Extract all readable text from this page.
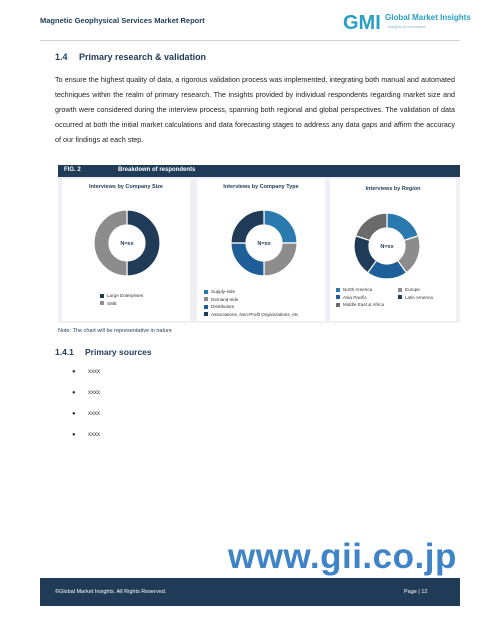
Magnetic Geophysical Services Market Report	GMI Global Market Insights
Insights to Innovation
1.4 Primary research & validation
To ensure the highest quality of data, a rigorous validation process was implemented, integrating both manual and automated techniques within the realm of primary research. The insights provided by individual respondents regarding market size and growth were considered during the interview process, spanning both regional and global perspectives. The validation of data occurred at both the initial market calculations and data forecasting stages to address any data gaps and affirm the accuracy of our findings at each step.
FIG. 2	Breakdown of respondents
Interviews by Company Size
N=xx
Large Enterprises
SME
Interviews by Company Type
N=xx
Supply-side
Demand-side
Distributors
Associations, Non-Profit Organizations, etc
Interviews by Region
N=xx
North America	Europe
Asia Pacific	Latin America
Middle East & Africa
Note: The chart will be representative in nature
1.4.1 Primary sources
● xxxx
● xxxx
● xxxx
● xxxx
www.gii.co.jp
©Global Market Insights. All Rights Reserved.	Page | 12
